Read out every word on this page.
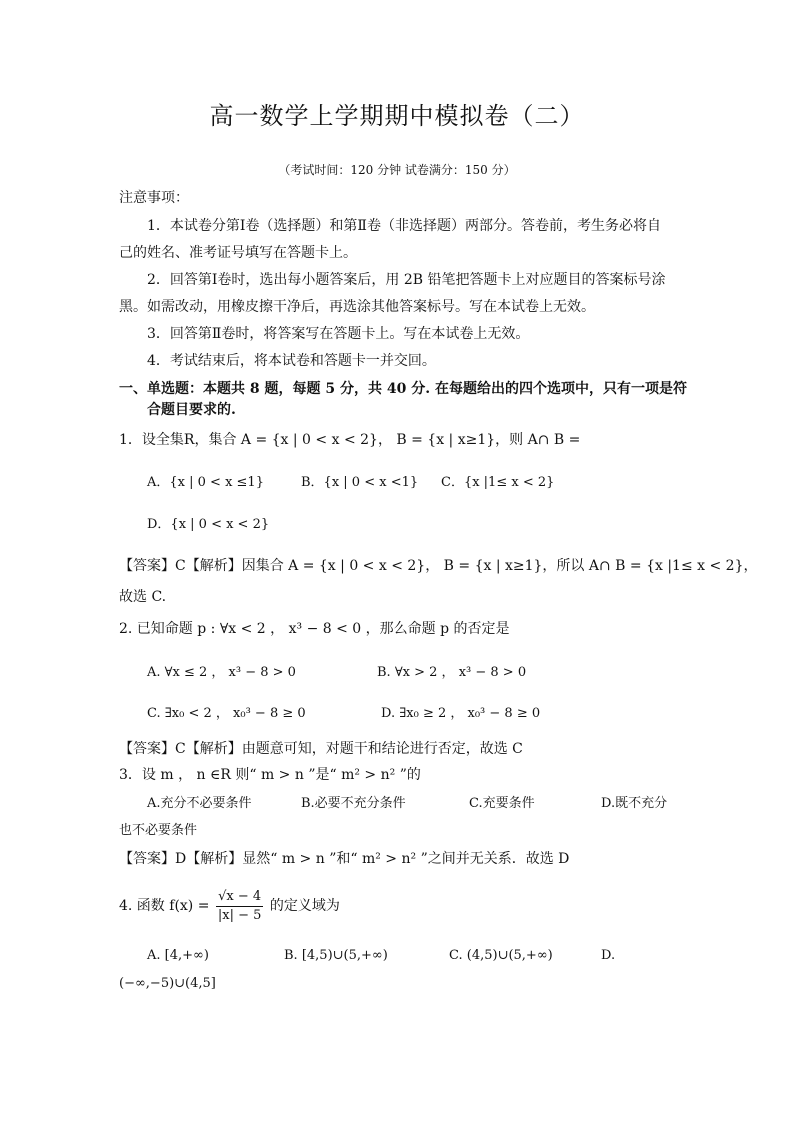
高一数学上学期期中模拟卷（二）
（考试时间：120 分钟 试卷满分：150 分）
注意事项：
1．本试卷分第Ⅰ卷（选择题）和第Ⅱ卷（非选择题）两部分。答卷前，考生务必将自
己的姓名、准考证号填写在答题卡上。
2．回答第Ⅰ卷时，选出每小题答案后，用 2B 铅笔把答题卡上对应题目的答案标号涂
黑。如需改动，用橡皮擦干净后，再选涂其他答案标号。写在本试卷上无效。
3．回答第Ⅱ卷时，将答案写在答题卡上。写在本试卷上无效。
4．考试结束后，将本试卷和答题卡一并交回。
一、单选题：本题共 8 题，每题 5 分，共 40 分. 在每题给出的四个选项中，只有一项是符
合题目要求的.
1．设全集R，集合 A = {x | 0 < x < 2}， B = {x | x≥1}，则 A∩ B =
A．{x | 0 < x ≤1}	B．{x | 0 < x <1} C．{x |1≤ x < 2}
D．{x | 0 < x < 2}
【答案】C【解析】因集合 A = {x | 0 < x < 2}， B = {x | x≥1}，所以 A∩ B = {x |1≤ x < 2}，
故选 C.
2. 已知命题 p : ∀x < 2 ， x³ − 8 < 0 ，那么命题 p 的否定是
A. ∀x ≤ 2 ， x³ − 8 > 0	B. ∀x > 2 ， x³ − 8 > 0
C. ∃x₀ < 2 ， x₀³ − 8 ≥ 0	D. ∃x₀ ≥ 2 ， x₀³ − 8 ≥ 0
【答案】C【解析】由题意可知，对题干和结论进行否定，故选 C
3．设 m ， n ∈R 则“ m > n ”是“ m² > n² ”的
A.充分不必要条件	B.必要不充分条件	C.充要条件	D.既不充分
也不必要条件
【答案】D【解析】显然“ m > n ”和“ m² > n² ”之间并无关系．故选 D
4. 函数 $f(x) = \frac{√x - 4}{|x| - 5}$ 的定义域为
A. [4,+∞)	B. [4,5)∪(5,+∞)	C. (4,5)∪(5,+∞)	D.
(−∞,−5)∪(4,5]
